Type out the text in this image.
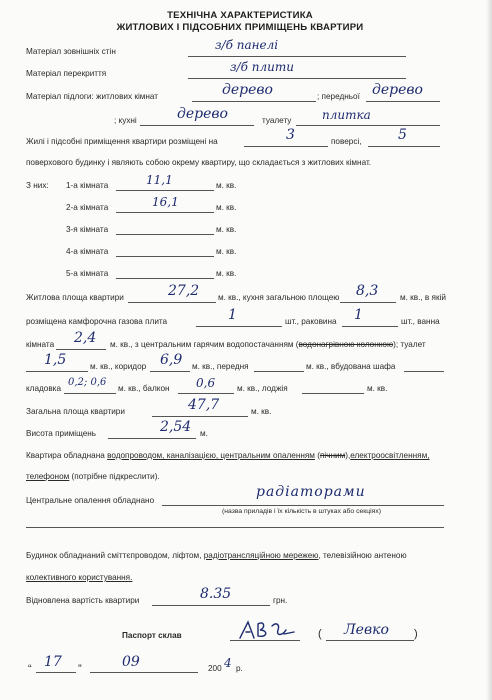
ТЕХНІЧНА ХАРАКТЕРИСТИКА
ЖИТЛОВИХ І ПІДСОБНИХ ПРИМІЩЕНЬ КВАРТИРИ
Матеріал зовнішніх стін	з/б панелі
Матеріал перекриття	з/б плити
Матеріал підлоги: житлових кімнат	дерево	; передньої дерево
; кухні	дерево	туалету	плитка
Жилі і підсобні приміщення квартири розміщені на	3	поверсі,	5
поверхового будинку і являють собою окрему квартиру, що складається з житлових кімнат.
З них: 1-а кімната	11,1	м. кв.
2-а кімната	16,1	м. кв.
3-я кімната	м. кв.
4-а кімната	м. кв.
5-а кімната	м. кв.
Житлова площа квартири	27,2 м. кв., кухня загальною площею 8,3	м. кв., в якій
розміщена камфорочна газова плита	1	шт., раковина 1	шт., ванна
кімната 2,4 м. кв., з центральним гарячим водопостачанням (водонагрівною колонкою); туалет
1,5	м. кв., коридор 6,9 м. кв., передня	м. кв., вбудована шафа
кладовка
0,2; 0,6
м. кв., балкон 0,6	м. кв., лоджія	м. кв.
Загальна площа квартири	47,7	м. кв.
Висота приміщень	2,54 м.
Квартира обладнана водопроводом, каналізацією, центральним опаленням (пічним),електроосвітленням,
телефоном (потрібне підкреслити).
Центральне опалення обладнано
радіаторами
(назва приладів і їх кількість в штуках або секціях)
Будинок обладнаний сміттєпроводом, ліфтом, радіотрансляційною мережею, телевізійною антеною
колективного користування.
Відновлена вартість квартири	8.35	грн.
Паспорт склав	( Левко )
“ 17 ”	09	200 4 р.
